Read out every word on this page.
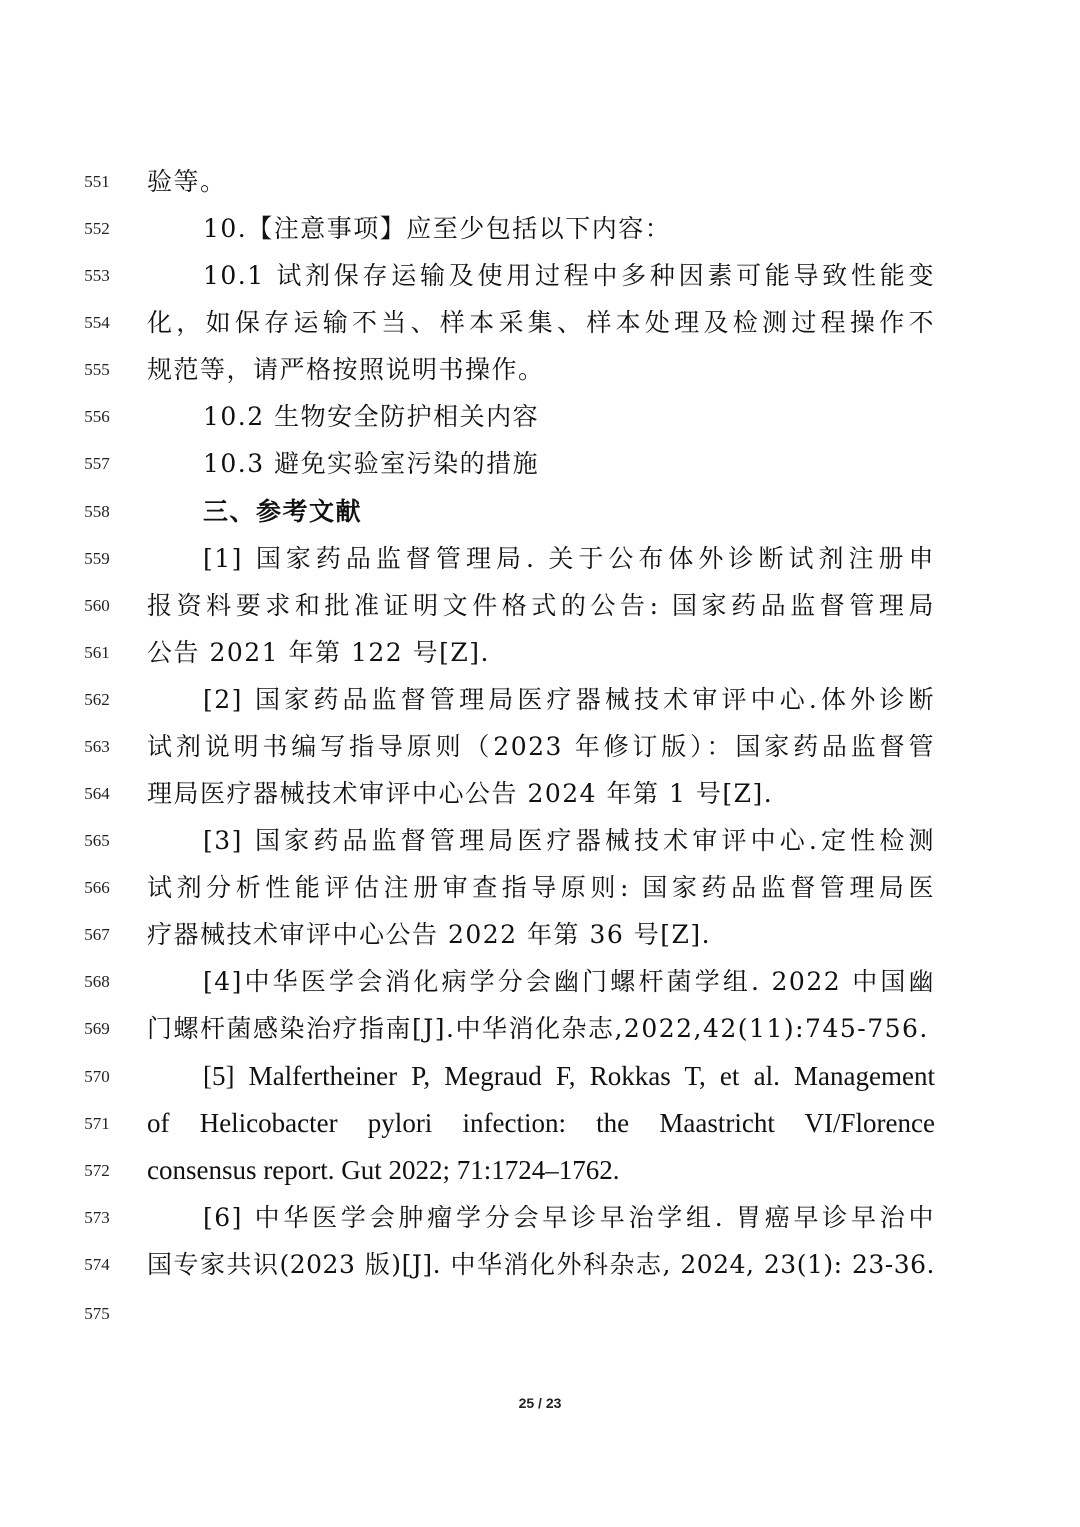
551	验等。
552	10.【注意事项】应至少包括以下内容：
553	10.1 试剂保存运输及使用过程中多种因素可能导致性能变
554	化，如保存运输不当、样本采集、样本处理及检测过程操作不
555	规范等，请严格按照说明书操作。
556	10.2 生物安全防护相关内容
557	10.3 避免实验室污染的措施
558	三、参考文献
559	[1] 国家药品监督管理局. 关于公布体外诊断试剂注册申
560	报资料要求和批准证明文件格式的公告: 国家药品监督管理局
561	公告 2021 年第 122 号[Z].
562	[2] 国家药品监督管理局医疗器械技术审评中心.体外诊断
563	试剂说明书编写指导原则（2023 年修订版）：国家药品监督管
564	理局医疗器械技术审评中心公告 2024 年第 1 号[Z].
565	[3] 国家药品监督管理局医疗器械技术审评中心.定性检测
566	试剂分析性能评估注册审查指导原则: 国家药品监督管理局医
567	疗器械技术审评中心公告 2022 年第 36 号[Z].
568	[4]中华医学会消化病学分会幽门螺杆菌学组. 2022 中国幽
569	门螺杆菌感染治疗指南[J].中华消化杂志,2022,42(11):745-756.
570	[5] Malfertheiner P, Megraud F, Rokkas T, et al. Management
571	of Helicobacter pylori infection: the Maastricht VI/Florence
572	consensus report. Gut 2022; 71:1724–1762.
573	[6] 中华医学会肿瘤学分会早诊早治学组. 胃癌早诊早治中
574	国专家共识(2023 版)[J]. 中华消化外科杂志, 2024, 23(1): 23-36.
575
25 / 23
